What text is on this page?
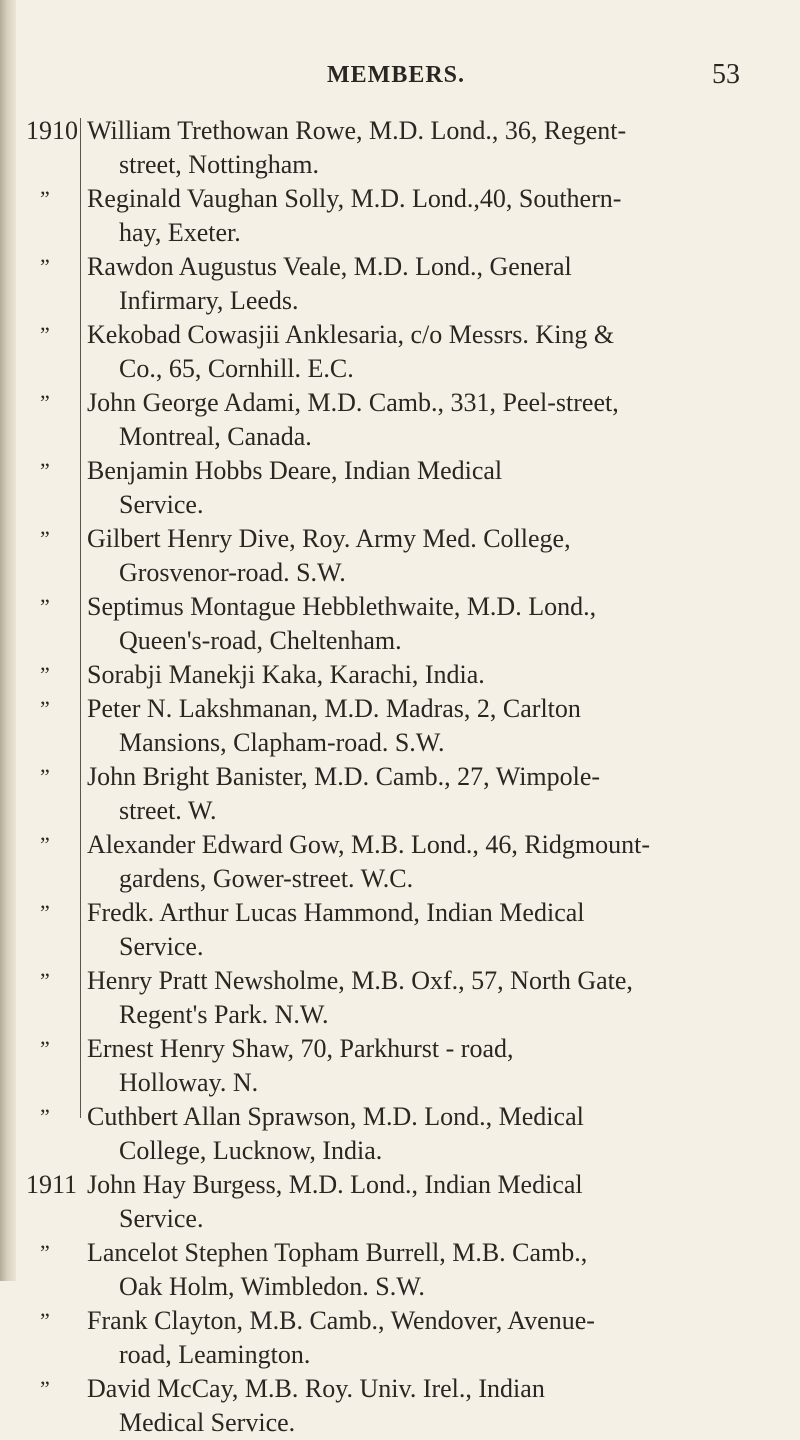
MEMBERS.	53
1910 William Trethowan Rowe, M.D. Lond., 36, Regent-
street, Nottingham.
”	Reginald Vaughan Solly, M.D. Lond.,40, Southern-
hay, Exeter.
”	Rawdon Augustus Veale, M.D. Lond., General
Infirmary, Leeds.
”	Kekobad Cowasjii Anklesaria, c/o Messrs. King &
Co., 65, Cornhill. E.C.
”	John George Adami, M.D. Camb., 331, Peel-street,
Montreal, Canada.
”	Benjamin Hobbs Deare, Indian Medical
Service.
”	Gilbert Henry Dive, Roy. Army Med. College,
Grosvenor-road. S.W.
”	Septimus Montague Hebblethwaite, M.D. Lond.,
Queen's-road, Cheltenham.
”	Sorabji Manekji Kaka, Karachi, India.
”	Peter N. Lakshmanan, M.D. Madras, 2, Carlton
Mansions, Clapham-road. S.W.
”	John Bright Banister, M.D. Camb., 27, Wimpole-
street. W.
”	Alexander Edward Gow, M.B. Lond., 46, Ridgmount-
gardens, Gower-street. W.C.
”	Fredk. Arthur Lucas Hammond, Indian Medical
Service.
”	Henry Pratt Newsholme, M.B. Oxf., 57, North Gate,
Regent's Park. N.W.
”	Ernest Henry Shaw, 70, Parkhurst - road,
Holloway. N.
”	Cuthbert Allan Sprawson, M.D. Lond., Medical
College, Lucknow, India.
1911 John Hay Burgess, M.D. Lond., Indian Medical
Service.
”	Lancelot Stephen Topham Burrell, M.B. Camb.,
Oak Holm, Wimbledon. S.W.
”	Frank Clayton, M.B. Camb., Wendover, Avenue-
road, Leamington.
”	David McCay, M.B. Roy. Univ. Irel., Indian
Medical Service.
